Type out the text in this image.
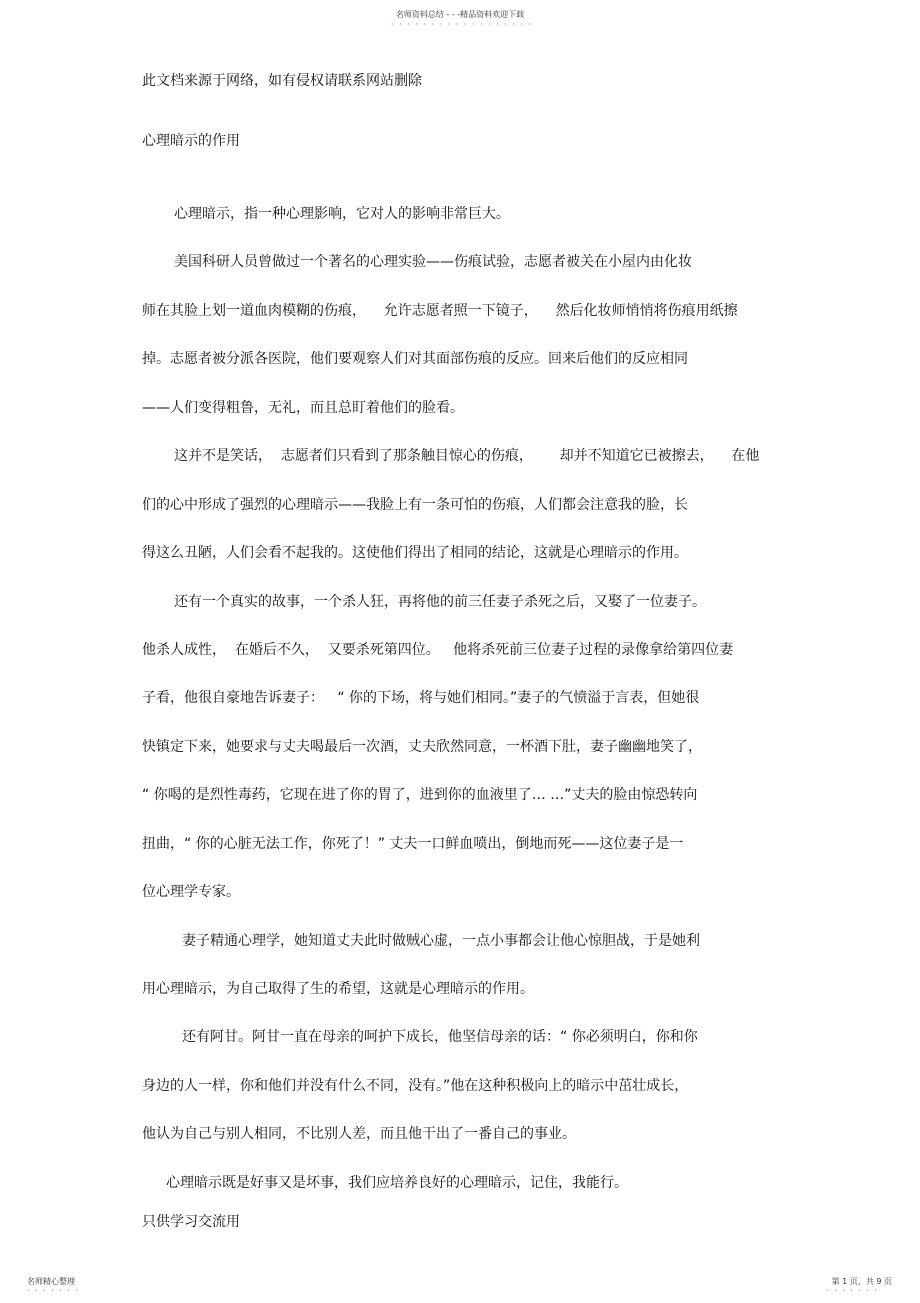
名师资料总结 - - -精品资料欢迎下载
· · · · · · · · · · · · · · · · · ·
此文档来源于网络，如有侵权请联系网站删除
心理暗示的作用
心理暗示，指一种心理影响，它对人的影响非常巨大。
美国科研人员曾做过一个著名的心理实验——伤痕试验，志愿者被关在小屋内由化妆
师在其脸上划一道血肉模糊的伤痕，    允许志愿者照一下镜子，    然后化妆师悄悄将伤痕用纸擦
掉。志愿者被分派各医院，他们要观察人们对其面部伤痕的反应。回来后他们的反应相同
——人们变得粗鲁，无礼，而且总盯着他们的脸看。
这并不是笑话，  志愿者们只看到了那条触目惊心的伤痕，      却并不知道它已被擦去，    在他
们的心中形成了强烈的心理暗示——我脸上有一条可怕的伤痕，人们都会注意我的脸，长
得这么丑陋，人们会看不起我的。这使他们得出了相同的结论，这就是心理暗示的作用。
还有一个真实的故事，一个杀人狂，再将他的前三任妻子杀死之后，又娶了一位妻子。
他杀人成性，  在婚后不久，  又要杀死第四位。   他将杀死前三位妻子过程的录像拿给第四位妻
子看，他很自豪地告诉妻子：   “ 你的下场，将与她们相同。”妻子的气愤溢于言表，但她很
快镇定下来，她要求与丈夫喝最后一次酒，丈夫欣然同意，一杯酒下肚，妻子幽幽地笑了，
“ 你喝的是烈性毒药，它现在进了你的胃了，进到你的血液里了… …”丈夫的脸由惊恐转向
扭曲，“ 你的心脏无法工作，你死了！” 丈夫一口鲜血喷出，倒地而死——这位妻子是一
位心理学专家。
妻子精通心理学，她知道丈夫此时做贼心虚，一点小事都会让他心惊胆战，于是她利
用心理暗示，为自己取得了生的希望，这就是心理暗示的作用。
还有阿甘。阿甘一直在母亲的呵护下成长，他坚信母亲的话：“ 你必须明白，你和你
身边的人一样，你和他们并没有什么不同，没有。”他在这种积极向上的暗示中茁壮成长，
他认为自己与别人相同，不比别人差，而且他干出了一番自己的事业。
心理暗示既是好事又是坏事，我们应培养良好的心理暗示，记住，我能行。
只供学习交流用
名师精心整理	第 1 页，共 9 页
· · · · · · ·	· · · · · · ·
